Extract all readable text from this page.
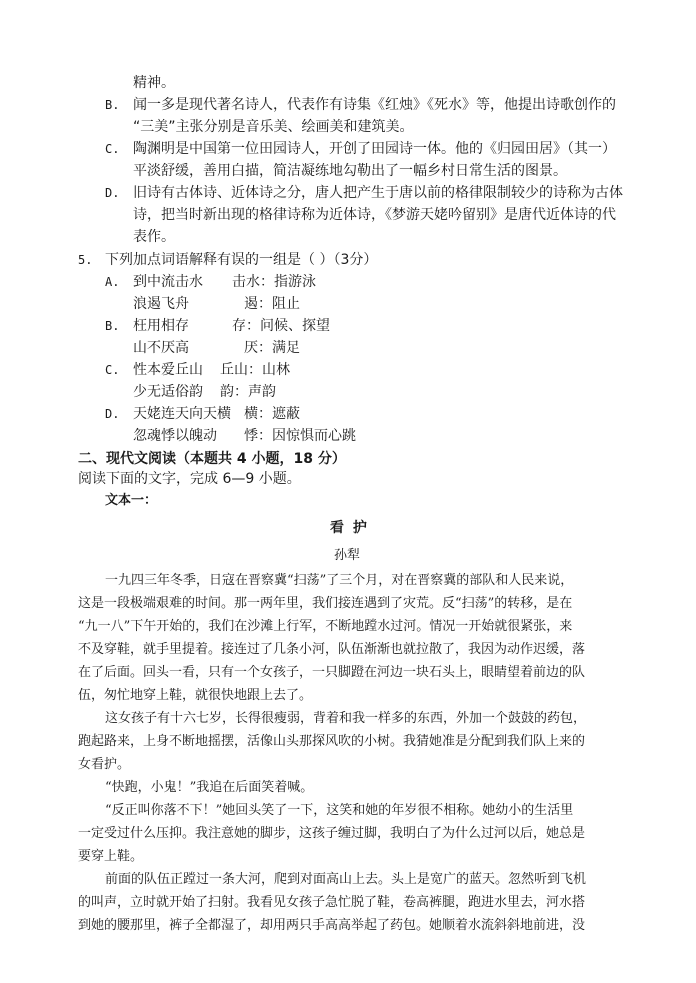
精神。
B. 闻一多是现代著名诗人，代表作有诗集《红烛》《死水》等，他提出诗歌创作的
“三美”主张分别是音乐美、绘画美和建筑美。
C. 陶渊明是中国第一位田园诗人，开创了田园诗一体。他的《归园田居》（其一）
平淡舒缓，善用白描，简洁凝练地勾勒出了一幅乡村日常生活的图景。
D. 旧诗有古体诗、近体诗之分，唐人把产生于唐以前的格律限制较少的诗称为古体
诗，把当时新出现的格律诗称为近体诗，《梦游天姥吟留别》是唐代近体诗的代
表作。
5. 下列加点词语解释有误的一组是（ ）（3分）
A. 到中流击水 击水：指游泳
浪遏飞舟	遏：阻止
B. 枉用相存	存：问候、探望
山不厌高	厌：满足
C. 性本爱丘山 丘山：山林
少无适俗韵 韵：声韵
D. 天姥连天向天横 横：遮蔽
忽魂悸以魄动 悸：因惊惧而心跳
二、现代文阅读（本题共 4 小题，18 分）
阅读下面的文字，完成 6—9 小题。
文本一：
看 护
孙犁
一九四三年冬季，日寇在晋察冀“扫荡”了三个月，对在晋察冀的部队和人民来说，
这是一段极端艰难的时间。那一两年里，我们接连遇到了灾荒。反“扫荡”的转移，是在
“九一八”下午开始的，我们在沙滩上行军，不断地蹚水过河。情况一开始就很紧张，来
不及穿鞋，就手里提着。接连过了几条小河，队伍渐渐也就拉散了，我因为动作迟缓，落
在了后面。回头一看，只有一个女孩子，一只脚蹬在河边一块石头上，眼睛望着前边的队
伍，匆忙地穿上鞋，就很快地跟上去了。
这女孩子有十六七岁，长得很瘦弱，背着和我一样多的东西，外加一个鼓鼓的药包，
跑起路来，上身不断地摇摆，活像山头那探风吹的小树。我猜她准是分配到我们队上来的
女看护。
“快跑，小鬼！”我追在后面笑着喊。
“反正叫你落不下！”她回头笑了一下，这笑和她的年岁很不相称。她幼小的生活里
一定受过什么压抑。我注意她的脚步，这孩子缠过脚，我明白了为什么过河以后，她总是
要穿上鞋。
前面的队伍正蹚过一条大河，爬到对面高山上去。头上是宽广的蓝天。忽然听到飞机
的叫声，立时就开始了扫射。我看见女孩子急忙脱了鞋，卷高裤腿，跑进水里去，河水搭
到她的腰那里，裤子全都湿了，却用两只手高高举起了药包。她顺着水流斜斜地前进，没
